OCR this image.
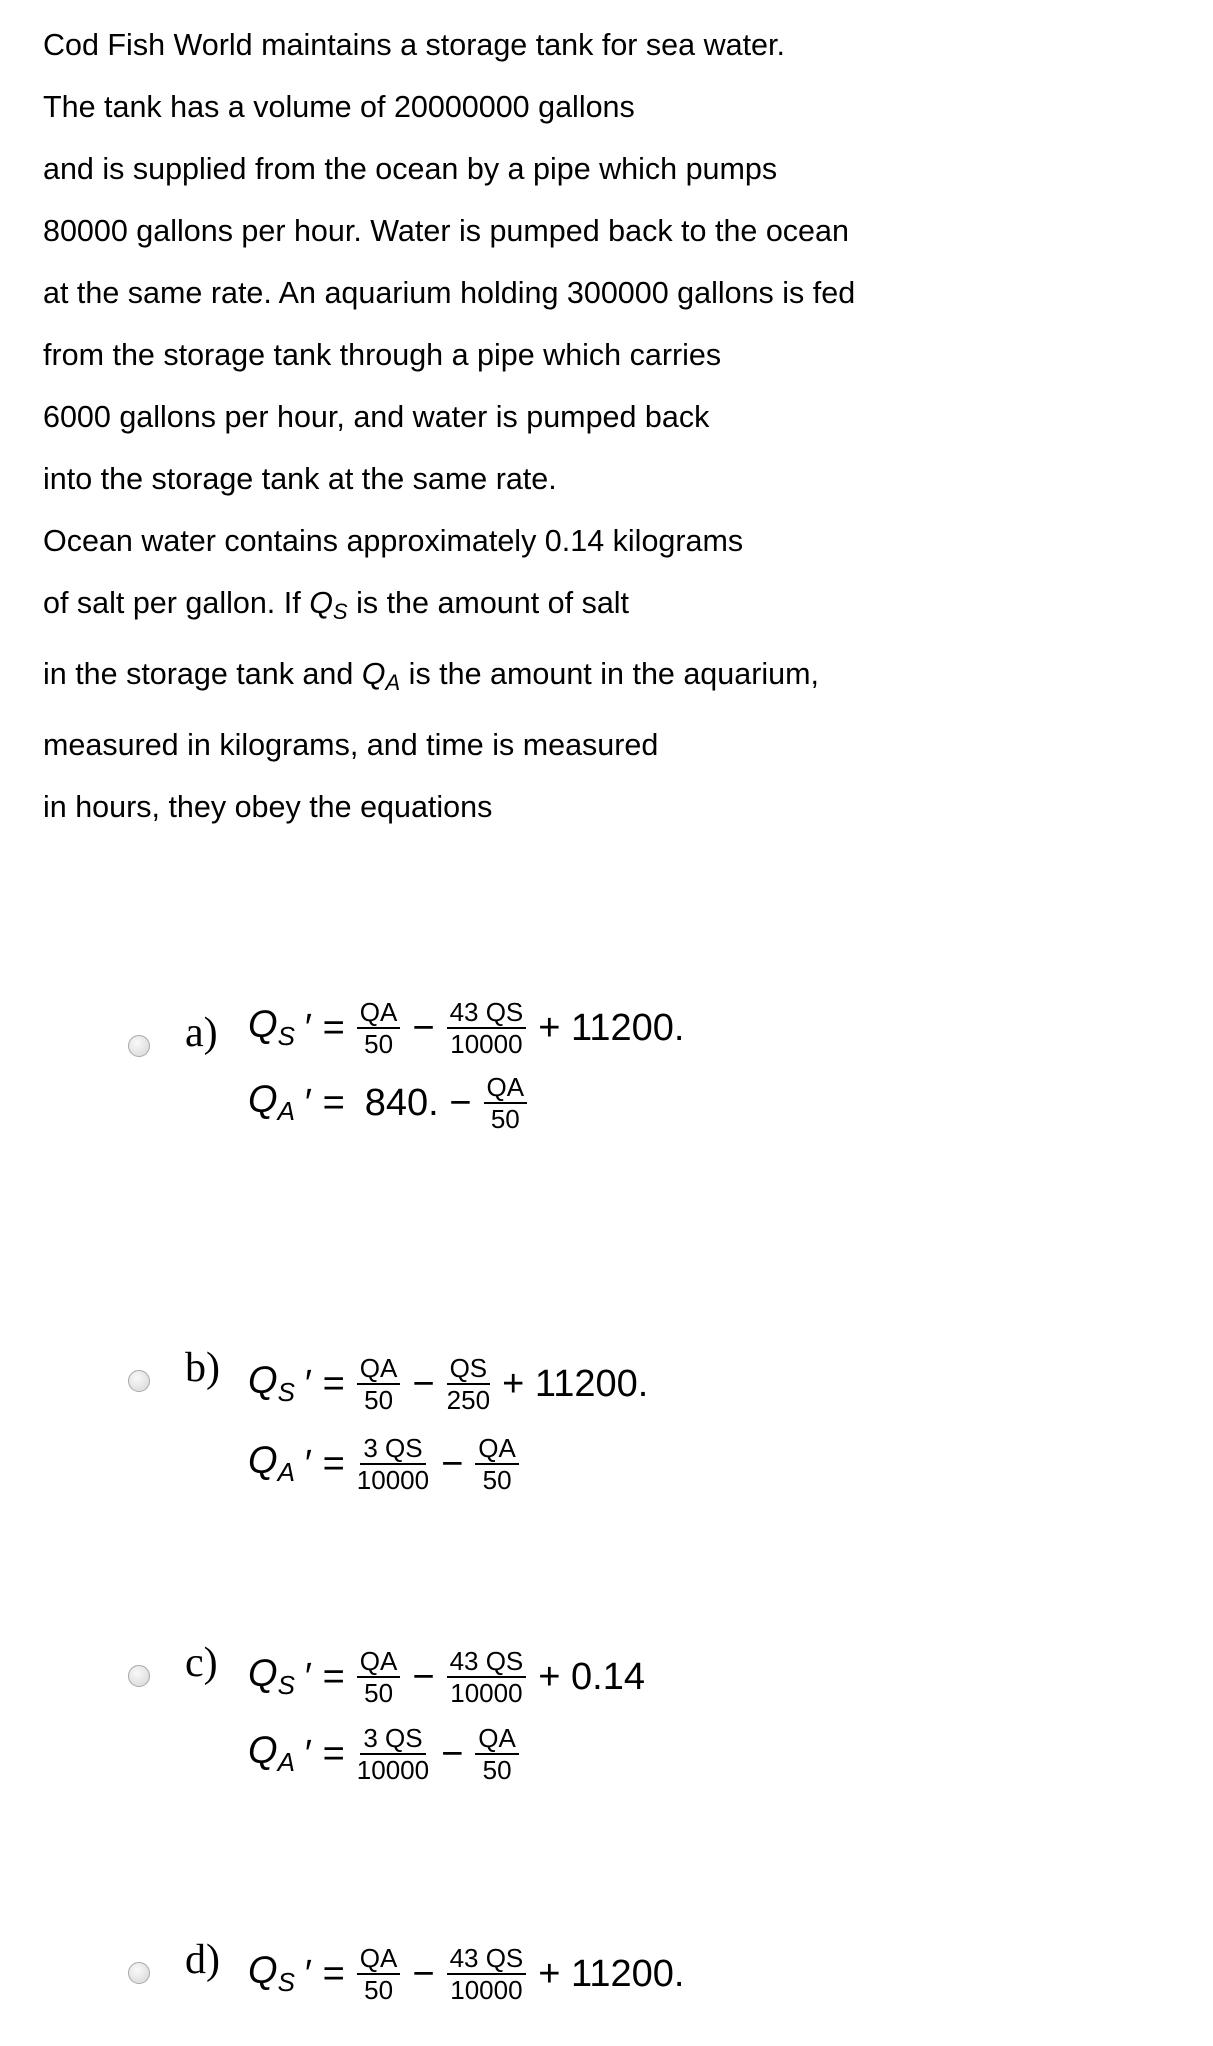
Cod Fish World maintains a storage tank for sea water.
The tank has a volume of 20000000 gallons
and is supplied from the ocean by a pipe which pumps
80000 gallons per hour. Water is pumped back to the ocean
at the same rate. An aquarium holding 300000 gallons is fed
from the storage tank through a pipe which carries
6000 gallons per hour, and water is pumped back
into the storage tank at the same rate.
Ocean water contains approximately 0.14 kilograms
of salt per gallon. If $Q_S$ is the amount of salt
in the storage tank and $Q_A$ is the amount in the aquarium,
measured in kilograms, and time is measured
in hours, they obey the equations
a) $Q_S$ ′ = $\frac{QA}{50} - \frac{43 QS}{10000} + 11200$.
$Q_A$ ′ = 840. − $\frac{QA}{50}$
b) $Q_S$ ′ = $\frac{QA}{50} - \frac{QS}{250} + 11200$.
$Q_A$ ′ = $\frac{3 QS}{10000} - \frac{QA}{50}$
c) $Q_S$ ′ = $\frac{QA}{50} - \frac{43 QS}{10000} + 0.14$
$Q_A$ ′ = $\frac{3 QS}{10000} - \frac{QA}{50}$
d) $Q_S$ ′ = $\frac{QA}{50} - \frac{43 QS}{10000} + 11200$.
